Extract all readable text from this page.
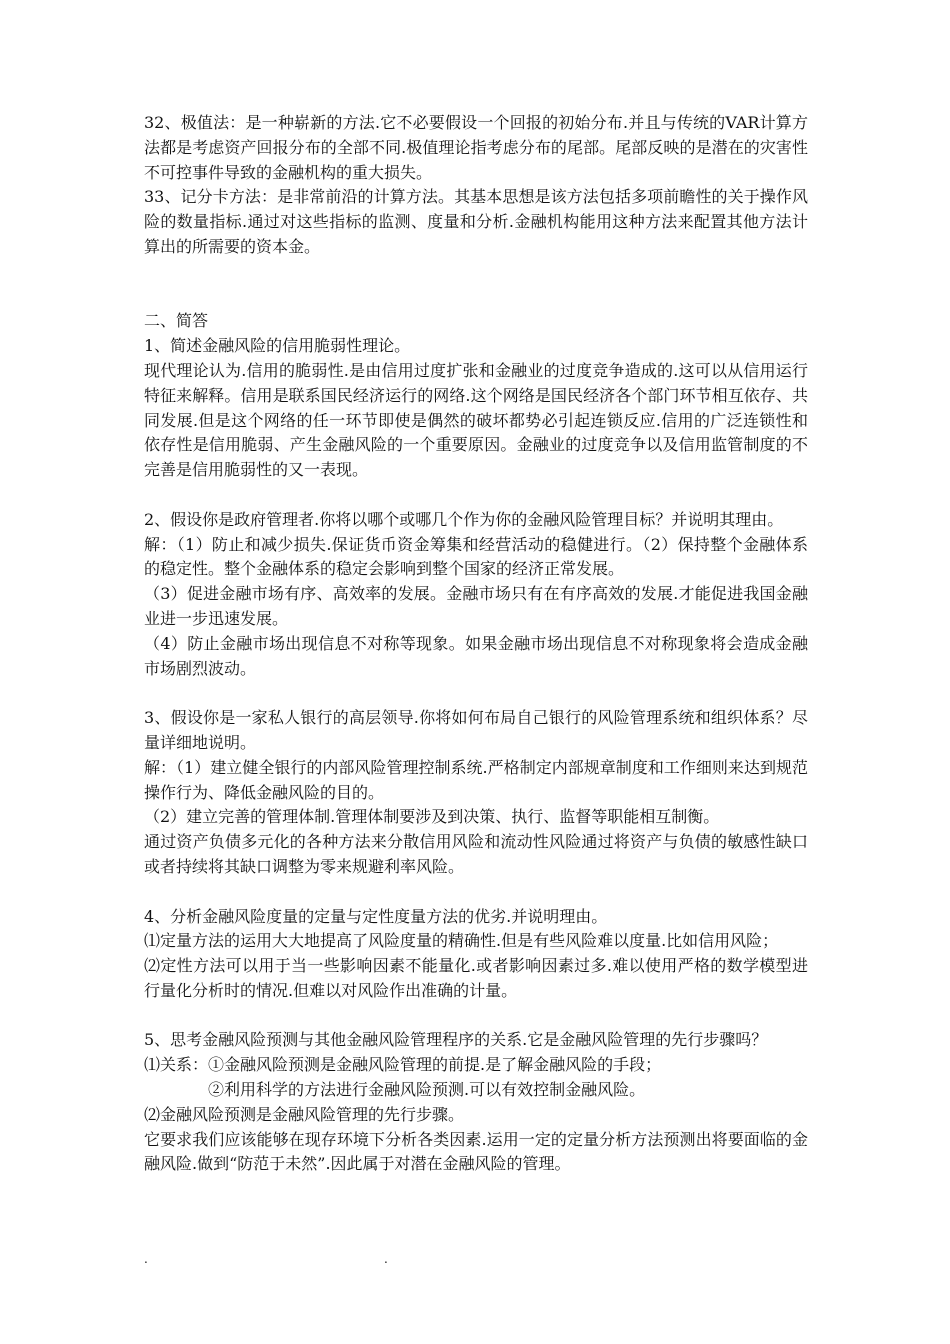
32、极值法：是一种崭新的方法.它不必要假设一个回报的初始分布.并且与传统的VAR计算方法都是考虑资产回报分布的全部不同.极值理论指考虑分布的尾部。尾部反映的是潜在的灾害性不可控事件导致的金融机构的重大损失。
33、记分卡方法：是非常前沿的计算方法。其基本思想是该方法包括多项前瞻性的关于操作风险的数量指标.通过对这些指标的监测、度量和分析.金融机构能用这种方法来配置其他方法计算出的所需要的资本金。
二、简答
1、简述金融风险的信用脆弱性理论。
现代理论认为.信用的脆弱性.是由信用过度扩张和金融业的过度竞争造成的.这可以从信用运行特征来解释。信用是联系国民经济运行的网络.这个网络是国民经济各个部门环节相互依存、共同发展.但是这个网络的任一环节即使是偶然的破坏都势必引起连锁反应.信用的广泛连锁性和依存性是信用脆弱、产生金融风险的一个重要原因。金融业的过度竞争以及信用监管制度的不完善是信用脆弱性的又一表现。
2、假设你是政府管理者.你将以哪个或哪几个作为你的金融风险管理目标？并说明其理由。
解：（1）防止和减少损失.保证货币资金筹集和经营活动的稳健进行。（2）保持整个金融体系的稳定性。整个金融体系的稳定会影响到整个国家的经济正常发展。
（3）促进金融市场有序、高效率的发展。金融市场只有在有序高效的发展.才能促进我国金融业进一步迅速发展。
（4）防止金融市场出现信息不对称等现象。如果金融市场出现信息不对称现象将会造成金融市场剧烈波动。
3、假设你是一家私人银行的高层领导.你将如何布局自己银行的风险管理系统和组织体系？尽量详细地说明。
解：（1）建立健全银行的内部风险管理控制系统.严格制定内部规章制度和工作细则来达到规范操作行为、降低金融风险的目的。
（2）建立完善的管理体制.管理体制要涉及到决策、执行、监督等职能相互制衡。
通过资产负债多元化的各种方法来分散信用风险和流动性风险通过将资产与负债的敏感性缺口或者持续将其缺口调整为零来规避利率风险。
4、分析金融风险度量的定量与定性度量方法的优劣.并说明理由。
⑴定量方法的运用大大地提高了风险度量的精确性.但是有些风险难以度量.比如信用风险；
⑵定性方法可以用于当一些影响因素不能量化.或者影响因素过多.难以使用严格的数学模型进行量化分析时的情况.但难以对风险作出准确的计量。
5、思考金融风险预测与其他金融风险管理程序的关系.它是金融风险管理的先行步骤吗？
⑴关系：①金融风险预测是金融风险管理的前提.是了解金融风险的手段；
②利用科学的方法进行金融风险预测.可以有效控制金融风险。
⑵金融风险预测是金融风险管理的先行步骤。
它要求我们应该能够在现存环境下分析各类因素.运用一定的定量分析方法预测出将要面临的金融风险.做到“防范于未然”.因此属于对潜在金融风险的管理。
.	.
